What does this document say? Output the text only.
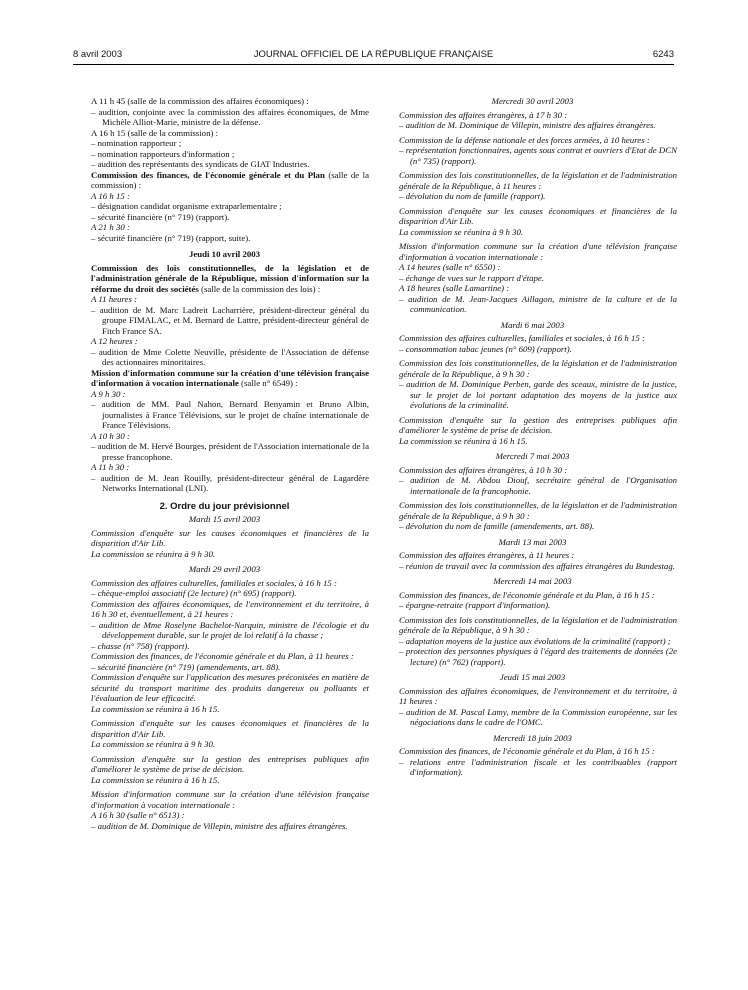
8 avril 2003	JOURNAL OFFICIEL DE LA RÉPUBLIQUE FRANÇAISE	6243

A 11 h 45 (salle de la commission des affaires économiques) :

– audition, conjointe avec la commission des affaires économiques, de Mme Michèle Alliot-Marie, ministre de la défense.

A 16 h 15 (salle de la commission) :

– nomination rapporteur ;

– nomination rapporteurs d'information ;

– audition des représentants des syndicats de GIAT Industries.

Commission des finances, de l'économie générale et du Plan (salle de la commission) :

A 16 h 15 :

– désignation candidat organisme extraparlementaire ;

– sécurité financière (n° 719) (rapport).

A 21 h 30 :

– sécurité financière (n° 719) (rapport, suite).

Jeudi 10 avril 2003

Commission des lois constitutionnelles, de la législation et de l'administration générale de la République, mission d'information sur la réforme du droit des sociétés (salle de la commission des lois) :

A 11 heures :

– audition de M. Marc Ladreit Lacharrière, président-directeur général du groupe FIMALAC, et M. Bernard de Lattre, président-directeur général de Fitch France SA.

A 12 heures :

– audition de Mme Colette Neuville, présidente de l'Association de défense des actionnaires minoritaires.

Mission d'information commune sur la création d'une télévision française d'information à vocation internationale (salle n° 6549) :

A 9 h 30 :

– audition de MM. Paul Nahon, Bernard Benyamin et Bruno Albin, journalistes à France Télévisions, sur le projet de chaîne internationale de France Télévisions.

A 10 h 30 :

– audition de M. Hervé Bourges, président de l'Association internationale de la presse francophone.

A 11 h 30 :

– audition de M. Jean Rouilly, président-directeur général de Lagardère Networks International (LNI).

2. Ordre du jour prévisionnel

Mardi 15 avril 2003

Commission d'enquête sur les causes économiques et financières de la disparition d'Air Lib.

La commission se réunira à 9 h 30.

Mardi 29 avril 2003

Commission des affaires culturelles, familiales et sociales, à 16 h 15 :

– chèque-emploi associatif (2e lecture) (n° 695) (rapport).

Commission des affaires économiques, de l'environnement et du territoire, à 16 h 30 et, éventuellement, à 21 heures :

– audition de Mme Roselyne Bachelot-Narquin, ministre de l'écologie et du développement durable, sur le projet de loi relatif à la chasse ;

– chasse (n° 758) (rapport).

Commission des finances, de l'économie générale et du Plan, à 11 heures :

– sécurité financière (n° 719) (amendements, art. 88).

Commission d'enquête sur l'application des mesures préconisées en matière de sécurité du transport maritime des produits dangereux ou polluants et l'évaluation de leur efficacité.

La commission se réunira à 16 h 15.

Commission d'enquête sur les causes économiques et financières de la disparition d'Air Lib.

La commission se réunira à 9 h 30.

Commission d'enquête sur la gestion des entreprises publiques afin d'améliorer le système de prise de décision.

La commission se réunira à 16 h 15.

Mission d'information commune sur la création d'une télévision française d'information à vocation internationale :

A 16 h 30 (salle n° 6513) :

– audition de M. Dominique de Villepin, ministre des affaires étrangères.

Mercredi 30 avril 2003

Commission des affaires étrangères, à 17 h 30 :

– audition de M. Dominique de Villepin, ministre des affaires étrangères.

Commission de la défense nationale et des forces armées, à 10 heures :

– représentation fonctionnaires, agents sous contrat et ouvriers d'Etat de DCN (n° 735) (rapport).

Commission des lois constitutionnelles, de la législation et de l'administration générale de la République, à 11 heures :

– dévolution du nom de famille (rapport).

Commission d'enquête sur les causes économiques et financières de la disparition d'Air Lib.

La commission se réunira à 9 h 30.

Mission d'information commune sur la création d'une télévision française d'information à vocation internationale :

A 14 heures (salle n° 6550) :

– échange de vues sur le rapport d'étape.

A 18 heures (salle Lamartine) :

– audition de M. Jean-Jacques Aillagon, ministre de la culture et de la communication.

Mardi 6 mai 2003

Commission des affaires culturelles, familiales et sociales, à 16 h 15 :

– consommation tabac jeunes (n° 609) (rapport).

Commission des lois constitutionnelles, de la législation et de l'administration générale de la République, à 9 h 30 :

– audition de M. Dominique Perben, garde des sceaux, ministre de la justice, sur le projet de loi portant adaptation des moyens de la justice aux évolutions de la criminalité.

Commission d'enquête sur la gestion des entreprises publiques afin d'améliorer le système de prise de décision.

La commission se réunira à 16 h 15.

Mercredi 7 mai 2003

Commission des affaires étrangères, à 10 h 30 :

– audition de M. Abdou Diouf, secrétaire général de l'Organisation internationale de la francophonie.

Commission des lois constitutionnelles, de la législation et de l'administration générale de la République, à 9 h 30 :

– dévolution du nom de famille (amendements, art. 88).

Mardi 13 mai 2003

Commission des affaires étrangères, à 11 heures :

– réunion de travail avec la commission des affaires étrangères du Bundestag.

Mercredi 14 mai 2003

Commission des finances, de l'économie générale et du Plan, à 16 h 15 :

– épargne-retraite (rapport d'information).

Commission des lois constitutionnelles, de la législation et de l'administration générale de la République, à 9 h 30 :

– adaptation moyens de la justice aux évolutions de la criminalité (rapport) ;

– protection des personnes physiques à l'égard des traitements de données (2e lecture) (n° 762) (rapport).

Jeudi 15 mai 2003

Commission des affaires économiques, de l'environnement et du territoire, à 11 heures :

– audition de M. Pascal Lamy, membre de la Commission européenne, sur les négociations dans le cadre de l'OMC.

Mercredi 18 juin 2003

Commission des finances, de l'économie générale et du Plan, à 16 h 15 :

– relations entre l'administration fiscale et les contribuables (rapport d'information).
